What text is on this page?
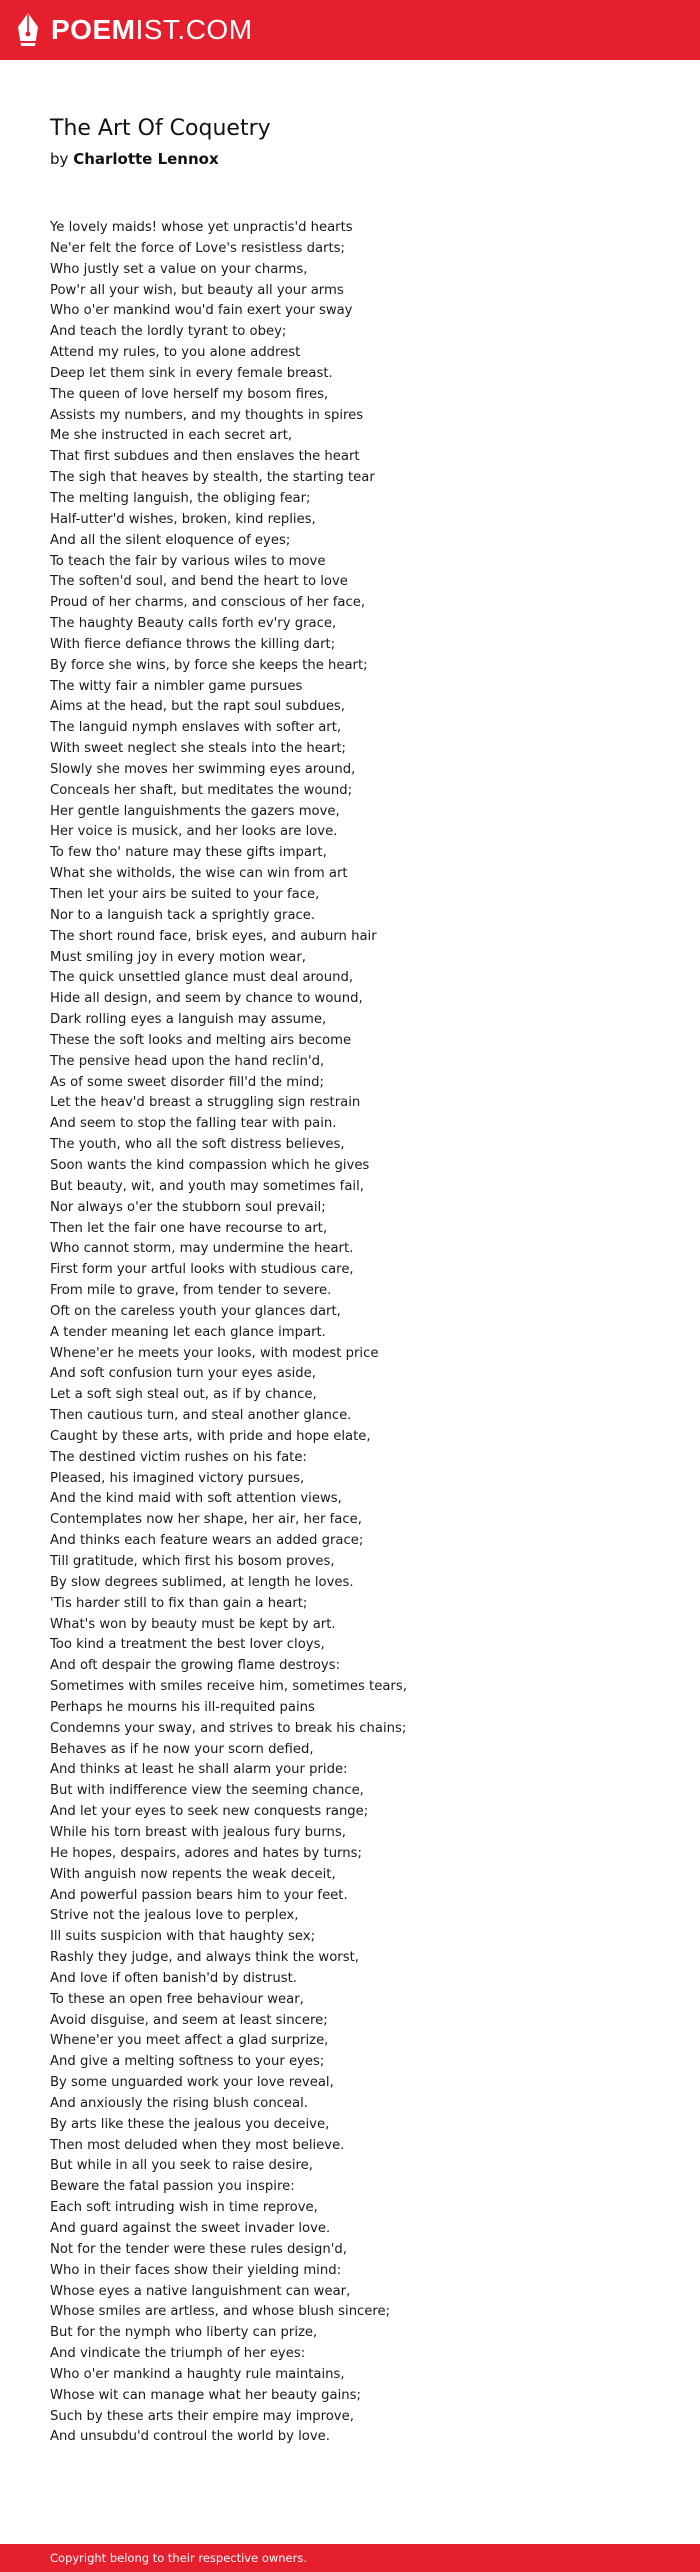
POEMIST.COM
The Art Of Coquetry
by Charlotte Lennox
Ye lovely maids! whose yet unpractis'd hearts
Ne'er felt the force of Love's resistless darts;
Who justly set a value on your charms,
Pow'r all your wish, but beauty all your arms
Who o'er mankind wou'd fain exert your sway
And teach the lordly tyrant to obey;
Attend my rules, to you alone addrest
Deep let them sink in every female breast.
The queen of love herself my bosom fires,
Assists my numbers, and my thoughts in spires
Me she instructed in each secret art,
That first subdues and then enslaves the heart
The sigh that heaves by stealth, the starting tear
The melting languish, the obliging fear;
Half-utter'd wishes, broken, kind replies,
And all the silent eloquence of eyes;
To teach the fair by various wiles to move
The soften'd soul, and bend the heart to love
Proud of her charms, and conscious of her face,
The haughty Beauty calls forth ev'ry grace,
With fierce defiance throws the killing dart;
By force she wins, by force she keeps the heart;
The witty fair a nimbler game pursues
Aims at the head, but the rapt soul subdues,
The languid nymph enslaves with softer art,
With sweet neglect she steals into the heart;
Slowly she moves her swimming eyes around,
Conceals her shaft, but meditates the wound;
Her gentle languishments the gazers move,
Her voice is musick, and her looks are love.
To few tho' nature may these gifts impart,
What she witholds, the wise can win from art
Then let your airs be suited to your face,
Nor to a languish tack a sprightly grace.
The short round face, brisk eyes, and auburn hair
Must smiling joy in every motion wear,
The quick unsettled glance must deal around,
Hide all design, and seem by chance to wound,
Dark rolling eyes a languish may assume,
These the soft looks and melting airs become
The pensive head upon the hand reclin'd,
As of some sweet disorder fill'd the mind;
Let the heav'd breast a struggling sign restrain
And seem to stop the falling tear with pain.
The youth, who all the soft distress believes,
Soon wants the kind compassion which he gives
But beauty, wit, and youth may sometimes fail,
Nor always o'er the stubborn soul prevail;
Then let the fair one have recourse to art,
Who cannot storm, may undermine the heart.
First form your artful looks with studious care,
From mile to grave, from tender to severe.
Oft on the careless youth your glances dart,
A tender meaning let each glance impart.
Whene'er he meets your looks, with modest price
And soft confusion turn your eyes aside,
Let a soft sigh steal out, as if by chance,
Then cautious turn, and steal another glance.
Caught by these arts, with pride and hope elate,
The destined victim rushes on his fate:
Pleased, his imagined victory pursues,
And the kind maid with soft attention views,
Contemplates now her shape, her air, her face,
And thinks each feature wears an added grace;
Till gratitude, which first his bosom proves,
By slow degrees sublimed, at length he loves.
'Tis harder still to fix than gain a heart;
What's won by beauty must be kept by art.
Too kind a treatment the best lover cloys,
And oft despair the growing flame destroys:
Sometimes with smiles receive him, sometimes tears,
Perhaps he mourns his ill-requited pains
Condemns your sway, and strives to break his chains;
Behaves as if he now your scorn defied,
And thinks at least he shall alarm your pride:
But with indifference view the seeming chance,
And let your eyes to seek new conquests range;
While his torn breast with jealous fury burns,
He hopes, despairs, adores and hates by turns;
With anguish now repents the weak deceit,
And powerful passion bears him to your feet.
Strive not the jealous love to perplex,
Ill suits suspicion with that haughty sex;
Rashly they judge, and always think the worst,
And love if often banish'd by distrust.
To these an open free behaviour wear,
Avoid disguise, and seem at least sincere;
Whene'er you meet affect a glad surprize,
And give a melting softness to your eyes;
By some unguarded work your love reveal,
And anxiously the rising blush conceal.
By arts like these the jealous you deceive,
Then most deluded when they most believe.
But while in all you seek to raise desire,
Beware the fatal passion you inspire:
Each soft intruding wish in time reprove,
And guard against the sweet invader love.
Not for the tender were these rules design'd,
Who in their faces show their yielding mind:
Whose eyes a native languishment can wear,
Whose smiles are artless, and whose blush sincere;
But for the nymph who liberty can prize,
And vindicate the triumph of her eyes:
Who o'er mankind a haughty rule maintains,
Whose wit can manage what her beauty gains;
Such by these arts their empire may improve,
And unsubdu'd controul the world by love.
Copyright belong to their respective owners.
